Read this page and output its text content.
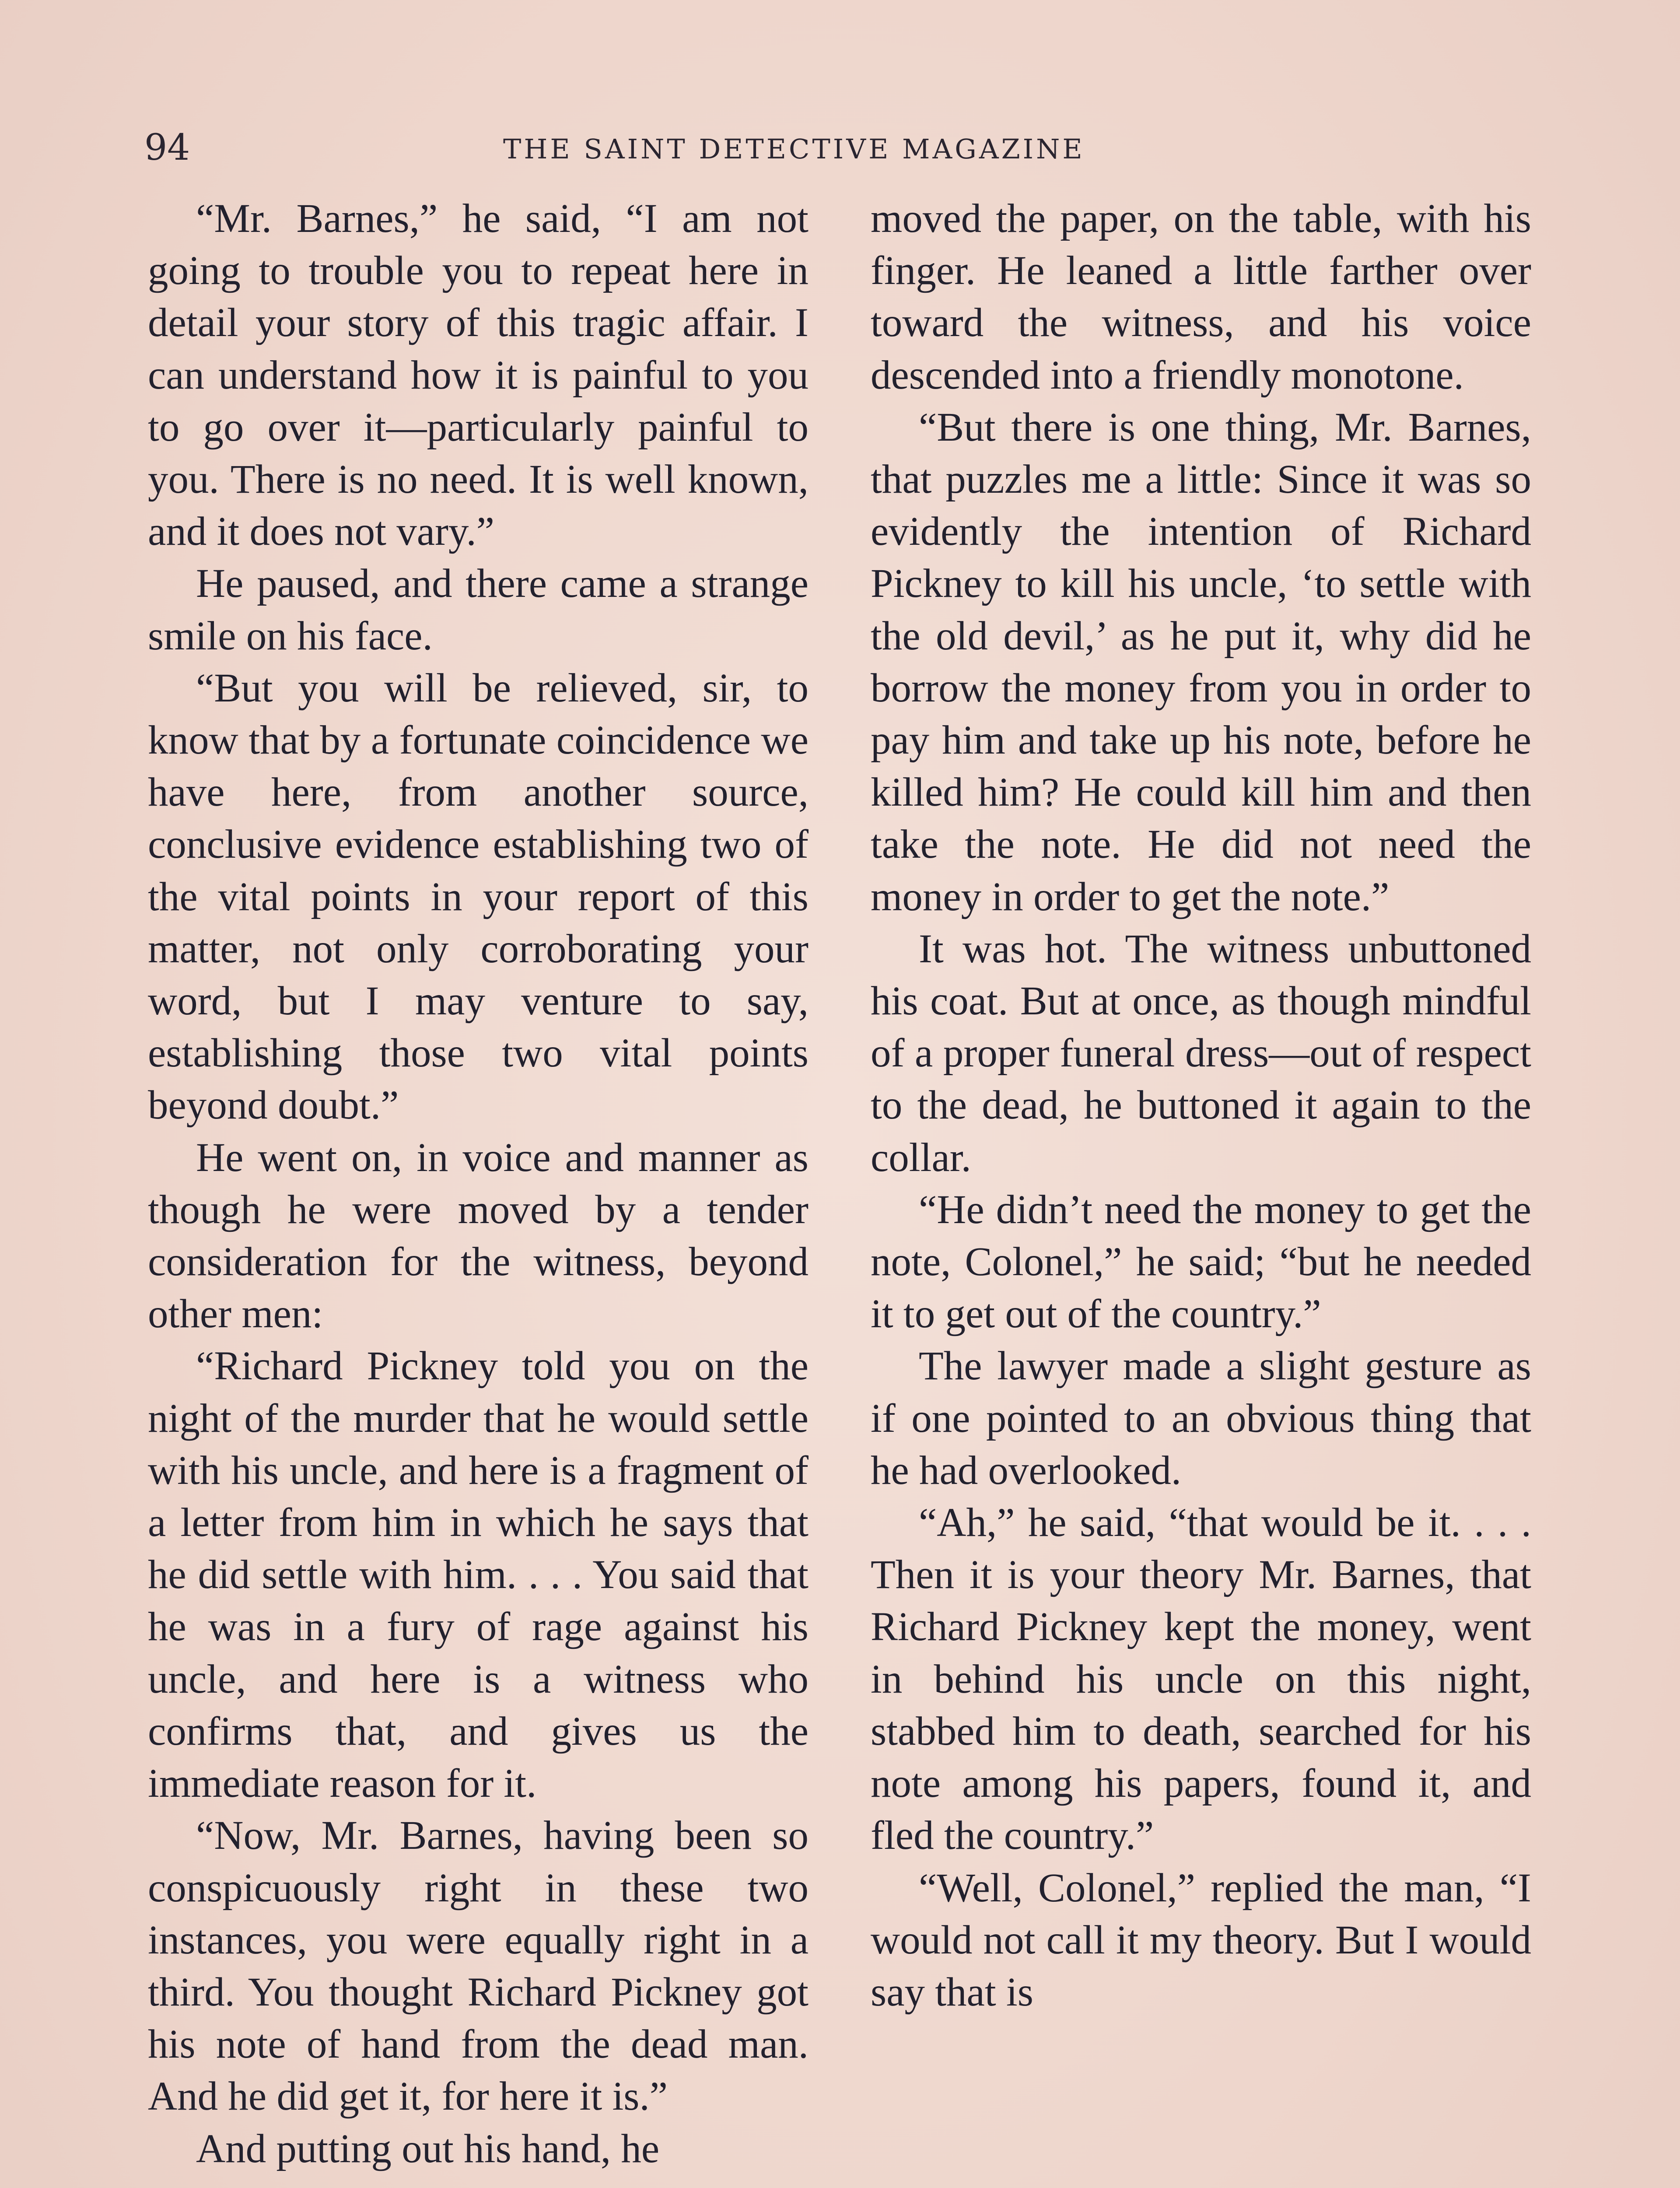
94	THE SAINT DETECTIVE MAGAZINE

“Mr. Barnes,” he said, “I am not going to trouble you to repeat here in detail your story of this tragic affair. I can understand how it is painful to you to go over it—particularly painful to you. There is no need. It is well known, and it does not vary.”

He paused, and there came a strange smile on his face.

“But you will be relieved, sir, to know that by a fortunate coincidence we have here, from another source, conclusive evidence establishing two of the vital points in your report of this matter, not only corroborating your word, but I may venture to say, establishing those two vital points beyond doubt.”

He went on, in voice and manner as though he were moved by a tender consideration for the witness, beyond other men:

“Richard Pickney told you on the night of the murder that he would settle with his uncle, and here is a fragment of a letter from him in which he says that he did settle with him. . . . You said that he was in a fury of rage against his uncle, and here is a witness who confirms that, and gives us the immediate reason for it.

“Now, Mr. Barnes, having been so conspicuously right in these two instances, you were equally right in a third. You thought Richard Pickney got his note of hand from the dead man. And he did get it, for here it is.”

And putting out his hand, he

moved the paper, on the table, with his finger. He leaned a little farther over toward the witness, and his voice descended into a friendly monotone.

“But there is one thing, Mr. Barnes, that puzzles me a little: Since it was so evidently the intention of Richard Pickney to kill his uncle, ‘to settle with the old devil,’ as he put it, why did he borrow the money from you in order to pay him and take up his note, before he killed him? He could kill him and then take the note. He did not need the money in order to get the note.”

It was hot. The witness unbuttoned his coat. But at once, as though mindful of a proper funeral dress—out of respect to the dead, he buttoned it again to the collar.

“He didn’t need the money to get the note, Colonel,” he said; “but he needed it to get out of the country.”

The lawyer made a slight gesture as if one pointed to an obvious thing that he had overlooked.

“Ah,” he said, “that would be it. . . . Then it is your theory Mr. Barnes, that Richard Pickney kept the money, went in behind his uncle on this night, stabbed him to death, searched for his note among his papers, found it, and fled the country.”

“Well, Colonel,” replied the man, “I would not call it my theory. But I would say that is
